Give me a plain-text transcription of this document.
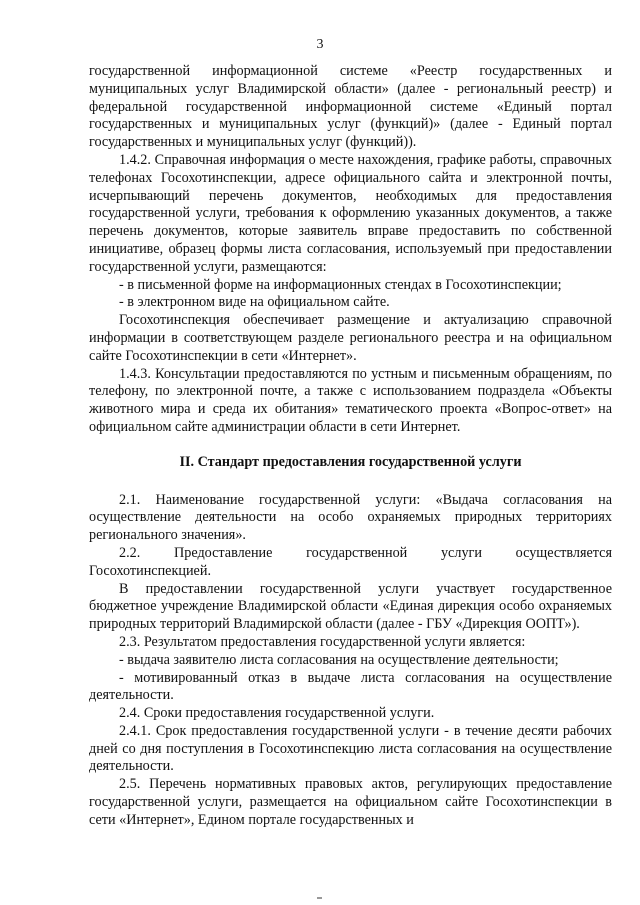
3

государственной информационной системе «Реестр государственных и муниципальных услуг Владимирской области» (далее - региональный реестр) и федеральной государственной информационной системе «Единый портал государственных и муниципальных услуг (функций)» (далее - Единый портал государственных и муниципальных услуг (функций)).

1.4.2. Справочная информация о месте нахождения, графике работы, справочных телефонах Госохотинспекции, адресе официального сайта и электронной почты, исчерпывающий перечень документов, необходимых для предоставления государственной услуги, требования к оформлению указанных документов, а также перечень документов, которые заявитель вправе предоставить по собственной инициативе, образец формы листа согласования, используемый при предоставлении государственной услуги, размещаются:

- в письменной форме на информационных стендах в Госохотинспекции;

- в электронном виде на официальном сайте.

Госохотинспекция обеспечивает размещение и актуализацию справочной информации в соответствующем разделе регионального реестра и на официальном сайте Госохотинспекции в сети «Интернет».

1.4.3. Консультации предоставляются по устным и письменным обращениям, по телефону, по электронной почте, а также с использованием подраздела «Объекты животного мира и среда их обитания» тематического проекта «Вопрос-ответ» на официальном сайте администрации области в сети Интернет.

II. Стандарт предоставления государственной услуги

2.1. Наименование государственной услуги: «Выдача согласования на осуществление деятельности на особо охраняемых природных территориях регионального значения».

2.2. Предоставление государственной услуги осуществляется Госохотинспекцией.

В предоставлении государственной услуги участвует государственное бюджетное учреждение Владимирской области «Единая дирекция особо охраняемых природных территорий Владимирской области (далее - ГБУ «Дирекция ООПТ»).

2.3. Результатом предоставления государственной услуги является:

- выдача заявителю листа согласования на осуществление деятельности;

- мотивированный отказ в выдаче листа согласования на осуществление деятельности.

2.4. Сроки предоставления государственной услуги.

2.4.1. Срок предоставления государственной услуги - в течение десяти рабочих дней со дня поступления в Госохотинспекцию листа согласования на осуществление деятельности.

2.5. Перечень нормативных правовых актов, регулирующих предоставление государственной услуги, размещается на официальном сайте Госохотинспекции в сети «Интернет», Едином портале государственных и
